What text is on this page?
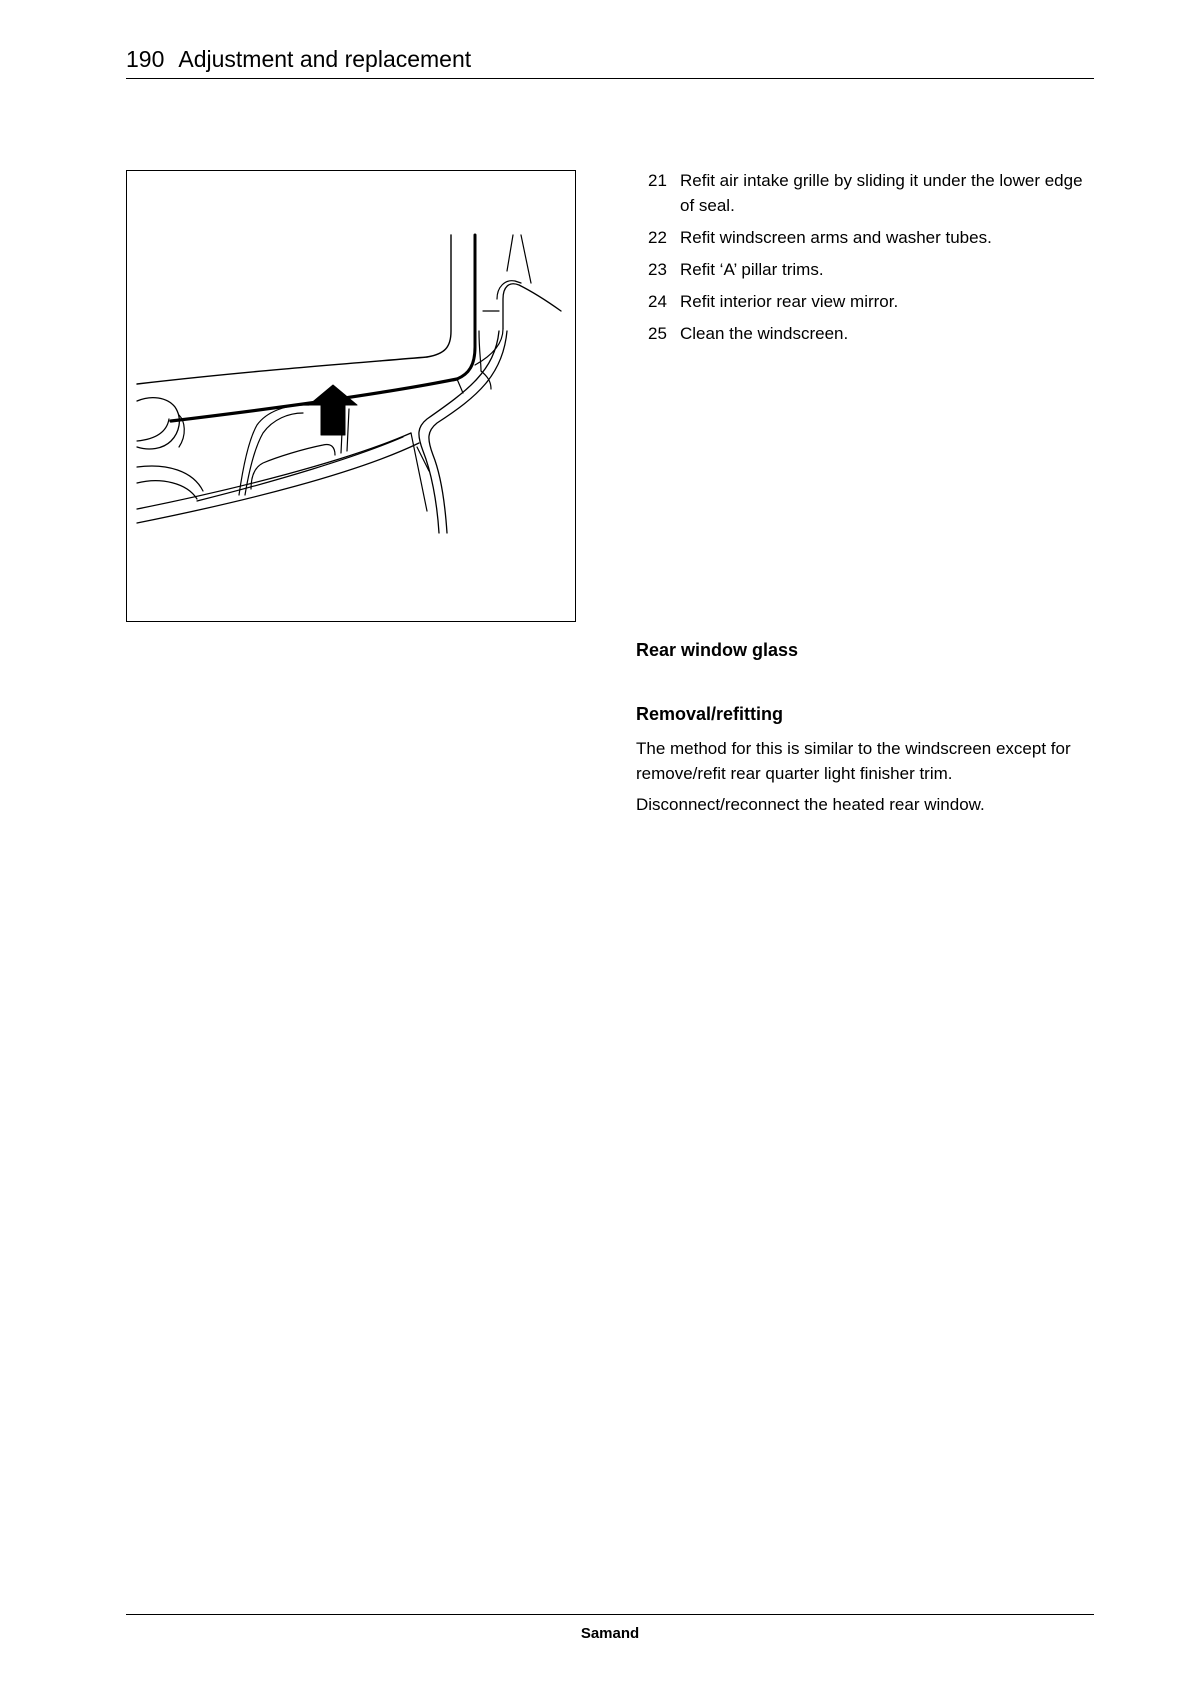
190 Adjustment and replacement
21 Refit air intake grille by sliding it under the lower edge of seal.
22 Refit windscreen arms and washer tubes.
23 Refit ‘A’ pillar trims.
24 Refit interior rear view mirror.
25 Clean the windscreen.
Rear window glass
Removal/refitting
The method for this is similar to the windscreen except for remove/refit rear quarter light finisher trim.
Disconnect/reconnect the heated rear window.
Samand
